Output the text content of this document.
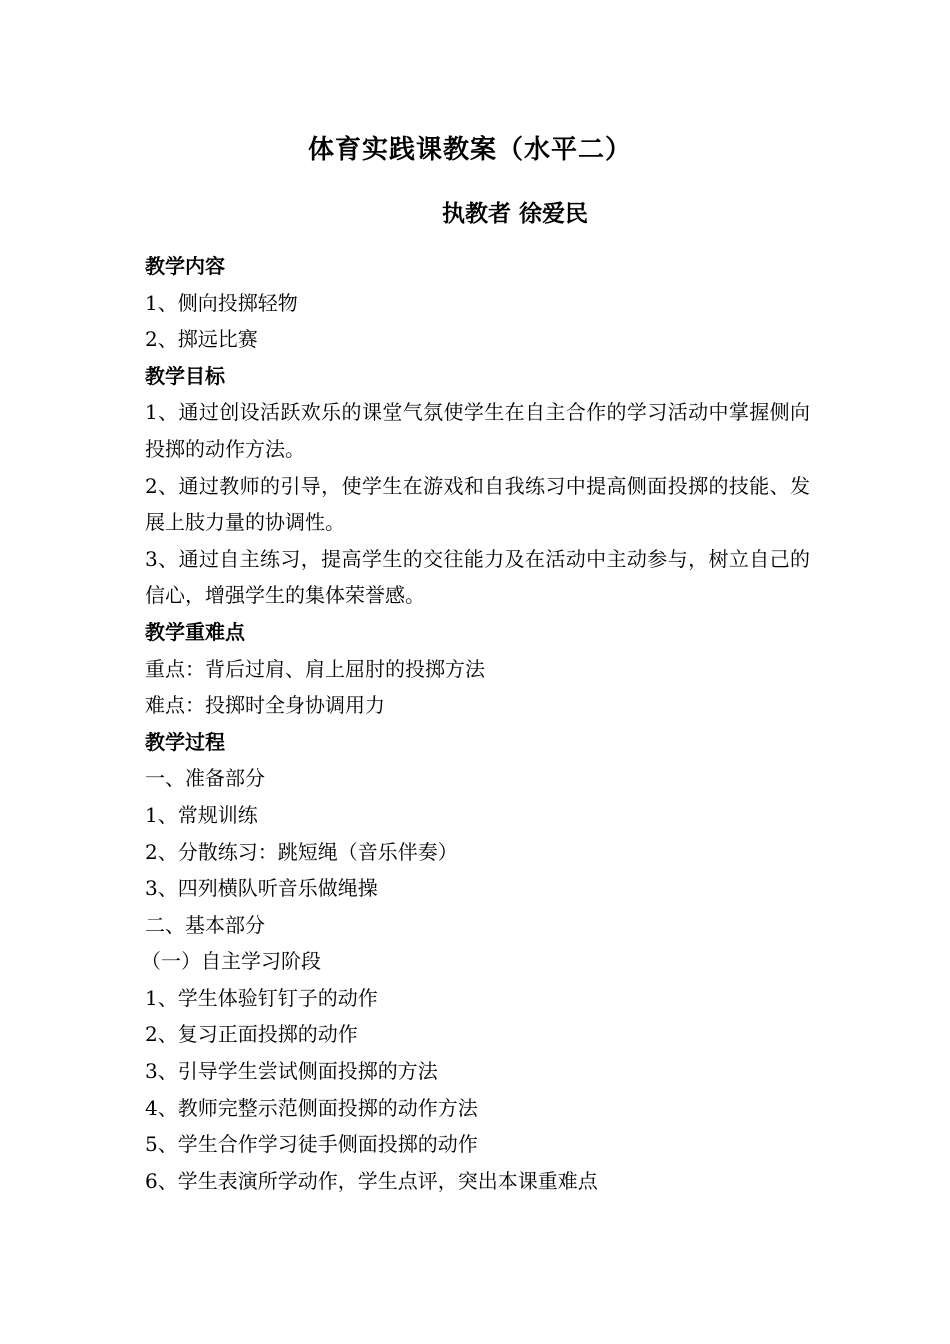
体育实践课教案（水平二）
执教者 徐爱民
教学内容
1、侧向投掷轻物
2、掷远比赛
教学目标
1、通过创设活跃欢乐的课堂气氛使学生在自主合作的学习活动中掌握侧向投掷的动作方法。
2、通过教师的引导，使学生在游戏和自我练习中提高侧面投掷的技能、发展上肢力量的协调性。
3、通过自主练习，提高学生的交往能力及在活动中主动参与，树立自己的信心，增强学生的集体荣誉感。
教学重难点
重点：背后过肩、肩上屈肘的投掷方法
难点：投掷时全身协调用力
教学过程
一、准备部分
1、常规训练
2、分散练习：跳短绳（音乐伴奏）
3、四列横队听音乐做绳操
二、基本部分
（一）自主学习阶段
1、学生体验钉钉子的动作
2、复习正面投掷的动作
3、引导学生尝试侧面投掷的方法
4、教师完整示范侧面投掷的动作方法
5、学生合作学习徒手侧面投掷的动作
6、学生表演所学动作，学生点评，突出本课重难点
